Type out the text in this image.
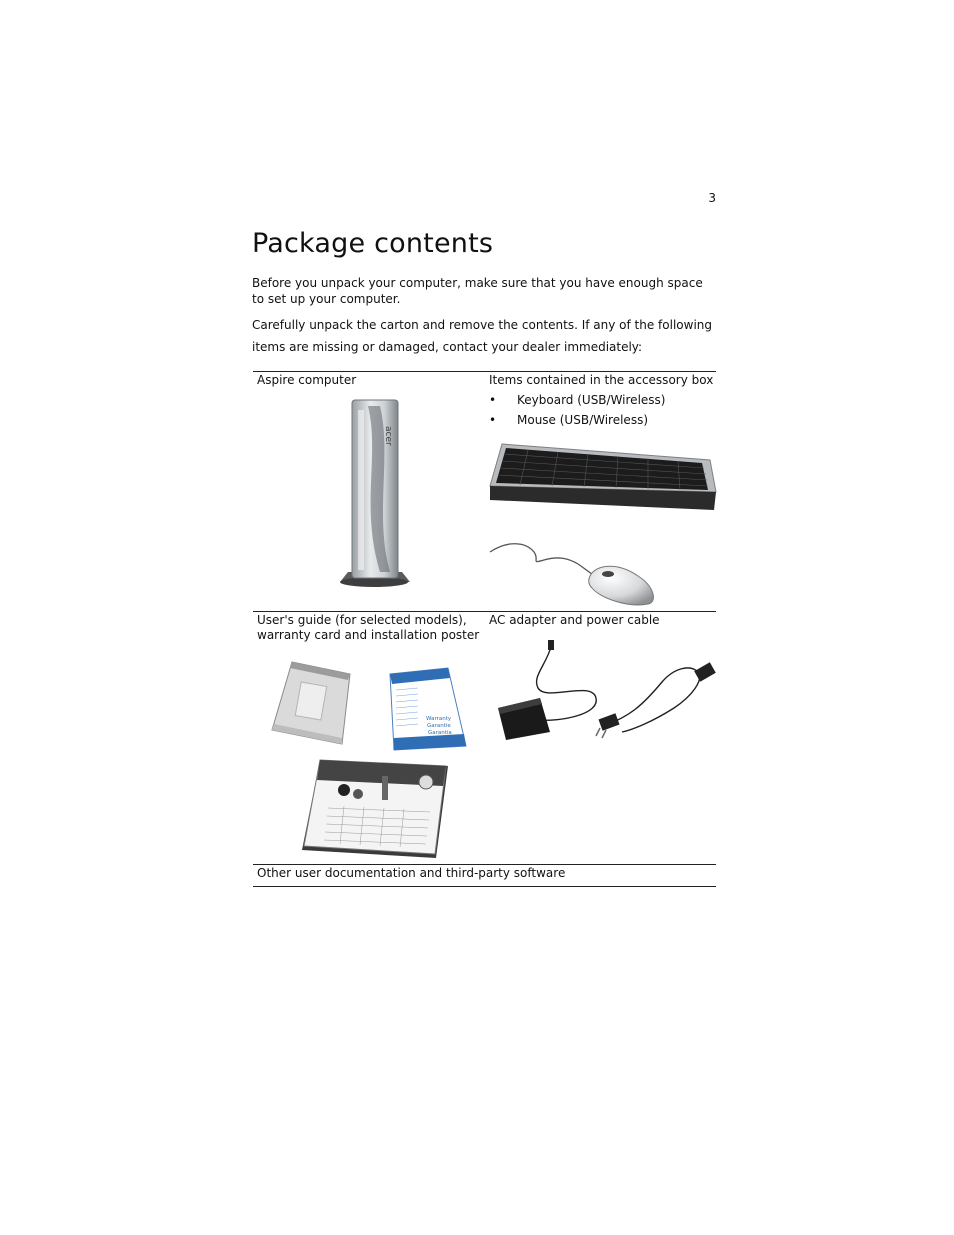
3
Package contents

Before you unpack your computer, make sure that you have enough space to set up your computer.

Carefully unpack the carton and remove the contents. If any of the following items are missing or damaged, contact your dealer immediately:

Aspire computer	Items contained in the accessory box
• Keyboard (USB/Wireless)
• Mouse (USB/Wireless)
acer
User's guide (for selected models),
warranty card and installation poster
AC adapter and power cable
Warranty
Garantie
Garantia
Other user documentation and third-party software
